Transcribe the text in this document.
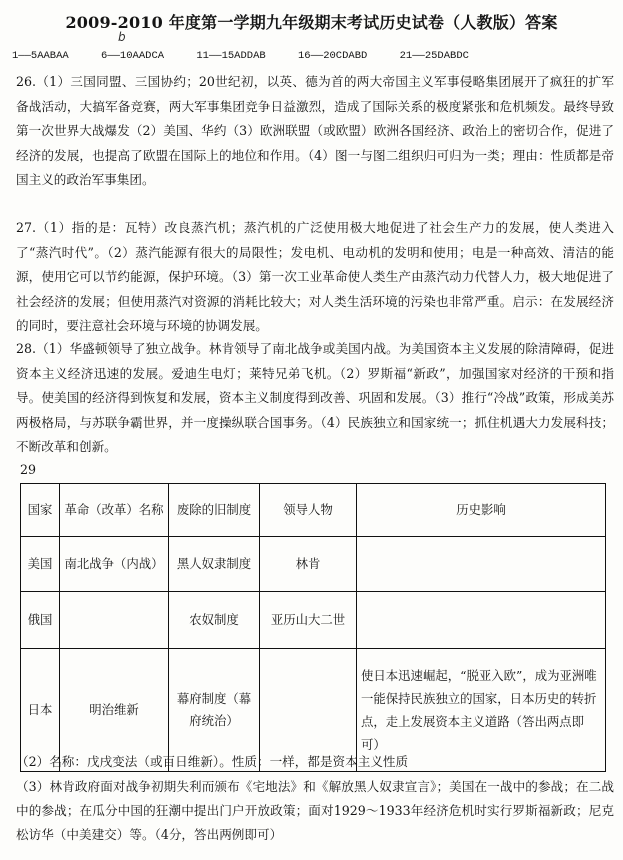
2009-2010 年度第一学期九年级期末考试历史试卷（人教版）答案
b
1——5AABAA	6——10AADCA	11——15ADDAB	16——20CDABD	21——25DABDC
26.（1）三国同盟、三国协约；20世纪初，以英、德为首的两大帝国主义军事侵略集团展开了疯狂的扩军备战活动，大搞军备竞赛，两大军事集团竞争日益激烈，造成了国际关系的极度紧张和危机频发。最终导致第一次世界大战爆发（2）美国、华约（3）欧洲联盟（或欧盟）欧洲各国经济、政治上的密切合作，促进了经济的发展，也提高了欧盟在国际上的地位和作用。（4）图一与图二组织归可归为一类；理由：性质都是帝国主义的政治军事集团。
27.（1）指的是：瓦特）改良蒸汽机；蒸汽机的广泛使用极大地促进了社会生产力的发展，使人类进入了“蒸汽时代”。（2）蒸汽能源有很大的局限性；发电机、电动机的发明和使用；电是一种高效、清洁的能源，使用它可以节约能源，保护环境。（3）第一次工业革命使人类生产由蒸汽动力代替人力，极大地促进了社会经济的发展；但使用蒸汽对资源的消耗比较大；对人类生活环境的污染也非常严重。启示：在发展经济的同时，要注意社会环境与环境的协调发展。
28.（1）华盛顿领导了独立战争。林肯领导了南北战争或美国内战。为美国资本主义发展的除清障碍，促进资本主义经济迅速的发展。爱迪生电灯；莱特兄弟飞机。（2）罗斯福“新政”，加强国家对经济的干预和指导。使美国的经济得到恢复和发展，资本主义制度得到改善、巩固和发展。（3）推行“冷战”政策，形成美苏两极格局，与苏联争霸世界，并一度操纵联合国事务。（4）民族独立和国家统一；抓住机遇大力发展科技；不断改革和创新。
29
国家	革命（改革）名称	废除的旧制度	领导人物	历史影响
美国	南北战争（内战）	黑人奴隶制度	林肯	
俄国		农奴制度	亚历山大二世	
日本	明治维新	幕府制度（幕府统治）		使日本迅速崛起，“脱亚入欧”，成为亚洲唯一能保持民族独立的国家，日本历史的转折点，走上发展资本主义道路（答出两点即可）
（2）名称：戊戌变法（或百日维新）。性质：一样，都是资本主义性质
（3）林肯政府面对战争初期失利而颁布《宅地法》和《解放黑人奴隶宣言》；美国在一战中的参战；在二战中的参战；在瓜分中国的狂潮中提出门户开放政策；面对1929～1933年经济危机时实行罗斯福新政；尼克松访华（中美建交）等。（4分，答出两例即可）
